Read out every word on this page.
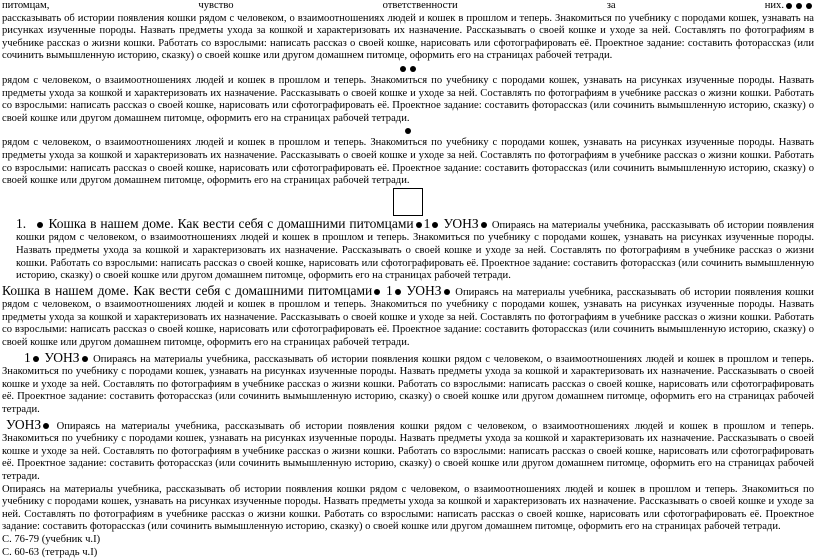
питомцам,	чувство	ответственности	за	них.

рассказывать об истории появления кошки рядом с человеком, о взаимоотношениях людей и кошек в прошлом и теперь. Знакомиться по учебнику с породами кошек, узнавать на рисунках изученные породы. Назвать предметы ухода за кошкой и характеризовать их назначение. Рассказывать о своей кошке и уходе за ней. Составлять по фотографиям в учебнике рассказ о жизни кошки. Работать со взрослыми: написать рассказ о своей кошке, нарисовать или сфотографировать её. Проектное задание: составить фоторассказ (или сочинить вымышленную историю, сказку) о своей кошке или другом домашнем питомце, оформить его на страницах рабочей тетради.

рядом с человеком, о взаимоотношениях людей и кошек в прошлом и теперь. Знакомиться по учебнику с породами кошек, узнавать на рисунках изученные породы. Назвать предметы ухода за кошкой и характеризовать их назначение. Рассказывать о своей кошке и уходе за ней. Составлять по фотографиям в учебнике рассказ о жизни кошки. Работать со взрослыми: написать рассказ о своей кошке, нарисовать или сфотографировать её. Проектное задание: составить фоторассказ (или сочинить вымышленную историю, сказку) о своей кошке или другом домашнем питомце, оформить его на страницах рабочей тетради.

рядом с человеком, о взаимоотношениях людей и кошек в прошлом и теперь. Знакомиться по учебнику с породами кошек, узнавать на рисунках изученные породы. Назвать предметы ухода за кошкой и характеризовать их назначение. Рассказывать о своей кошке и уходе за ней. Составлять по фотографиям в учебнике рассказ о жизни кошки. Работать со взрослыми: написать рассказ о своей кошке, нарисовать или сфотографировать её. Проектное задание: составить фоторассказ (или сочинить вымышленную историю, сказку) о своей кошке или другом домашнем питомце, оформить его на страницах рабочей тетради.

1. Кошка в нашем доме. Как вести себя с домашними питомцами 1 УОНЗ Опираясь на материалы учебника, рассказывать об истории появления кошки рядом с человеком, о взаимоотношениях людей и кошек в прошлом и теперь. Знакомиться по учебнику с породами кошек, узнавать на рисунках изученные породы. Назвать предметы ухода за кошкой и характеризовать их назначение. Рассказывать о своей кошке и уходе за ней. Составлять по фотографиям в учебнике рассказ о жизни кошки. Работать со взрослыми: написать рассказ о своей кошке, нарисовать или сфотографировать её. Проектное задание: составить фоторассказ (или сочинить вымышленную историю, сказку) о своей кошке или другом домашнем питомце, оформить его на страницах рабочей тетради.

Кошка в нашем доме. Как вести себя с домашними питомцами 1 УОНЗ Опираясь на материалы учебника, рассказывать об истории появления кошки рядом с человеком, о взаимоотношениях людей и кошек в прошлом и теперь. Знакомиться по учебнику с породами кошек, узнавать на рисунках изученные породы. Назвать предметы ухода за кошкой и характеризовать их назначение. Рассказывать о своей кошке и уходе за ней. Составлять по фотографиям в учебнике рассказ о жизни кошки. Работать со взрослыми: написать рассказ о своей кошке, нарисовать или сфотографировать её. Проектное задание: составить фоторассказ (или сочинить вымышленную историю, сказку) о своей кошке или другом домашнем питомце, оформить его на страницах рабочей тетради.

1 УОНЗ Опираясь на материалы учебника, рассказывать об истории появления кошки рядом с человеком, о взаимоотношениях людей и кошек в прошлом и теперь. Знакомиться по учебнику с породами кошек, узнавать на рисунках изученные породы. Назвать предметы ухода за кошкой и характеризовать их назначение. Рассказывать о своей кошке и уходе за ней. Составлять по фотографиям в учебнике рассказ о жизни кошки. Работать со взрослыми: написать рассказ о своей кошке, нарисовать или сфотографировать её. Проектное задание: составить фоторассказ (или сочинить вымышленную историю, сказку) о своей кошке или другом домашнем питомце, оформить его на страницах рабочей тетради.

УОНЗ Опираясь на материалы учебника, рассказывать об истории появления кошки рядом с человеком, о взаимоотношениях людей и кошек в прошлом и теперь. Знакомиться по учебнику с породами кошек, узнавать на рисунках изученные породы. Назвать предметы ухода за кошкой и характеризовать их назначение. Рассказывать о своей кошке и уходе за ней. Составлять по фотографиям в учебнике рассказ о жизни кошки. Работать со взрослыми: написать рассказ о своей кошке, нарисовать или сфотографировать её. Проектное задание: составить фоторассказ (или сочинить вымышленную историю, сказку) о своей кошке или другом домашнем питомце, оформить его на страницах рабочей тетради.

Опираясь на материалы учебника, рассказывать об истории появления кошки рядом с человеком, о взаимоотношениях людей и кошек в прошлом и теперь. Знакомиться по учебнику с породами кошек, узнавать на рисунках изученные породы. Назвать предметы ухода за кошкой и характеризовать их назначение. Рассказывать о своей кошке и уходе за ней. Составлять по фотографиям в учебнике рассказ о жизни кошки. Работать со взрослыми: написать рассказ о своей кошке, нарисовать или сфотографировать её. Проектное задание: составить фоторассказ (или сочинить вымышленную историю, сказку) о своей кошке или другом домашнем питомце, оформить его на страницах рабочей тетради.

С. 76-79 (учебник ч.I)

С. 60-63 (тетрадь ч.I)
